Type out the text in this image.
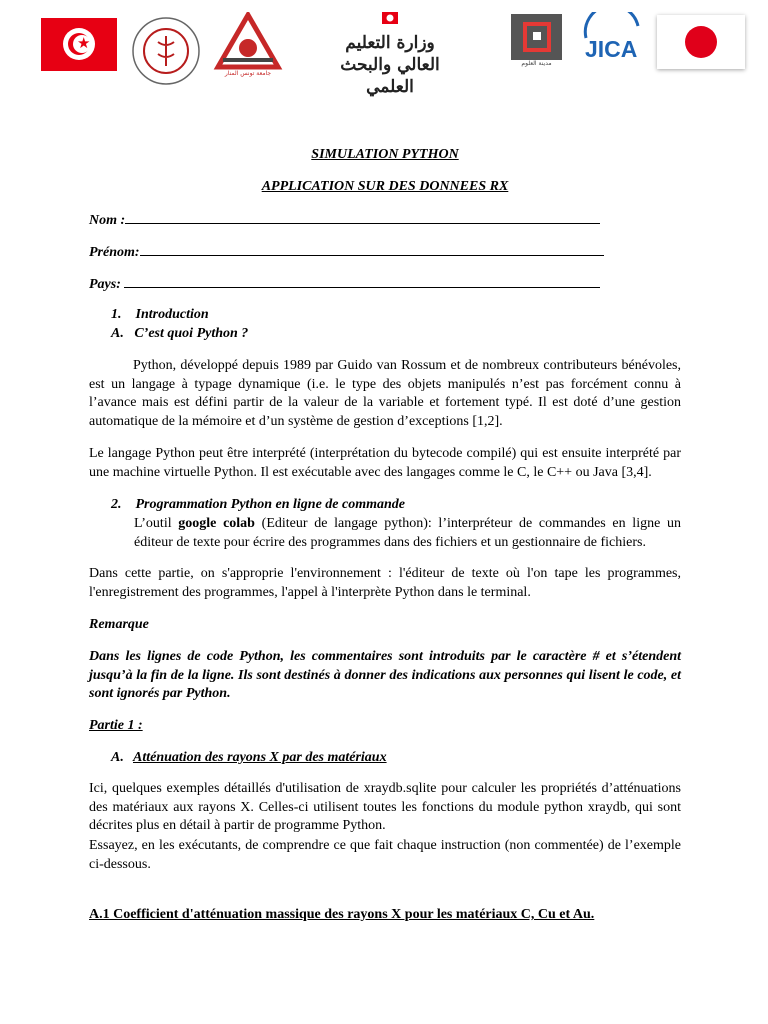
★
جامعة تونس المنار
وزارة التعليم العالي والبحث العلمي
مدينة العلوم
JICA
SIMULATION PYTHON
APPLICATION SUR DES DONNEES RX
Nom :
Prénom:
Pays:
1.    Introduction
A.   C’est quoi Python ?
Python, développé depuis 1989 par Guido van Rossum et de nombreux contributeurs bénévoles, est un langage à typage dynamique (i.e. le type des objets manipulés n’est pas forcément connu à l’avance mais est défini partir de la valeur de la variable et fortement typé. Il est doté d’une gestion automatique de la mémoire et d’un système de gestion d’exceptions [1,2].
Le langage Python peut être interprété (interprétation du bytecode compilé) qui est ensuite interprété par une machine virtuelle Python. Il est exécutable avec des langages comme le C, le C++ ou Java [3,4].
2.    Programmation Python en ligne de commande
L’outil google colab (Editeur de langage python): l’interpréteur de commandes en ligne un éditeur de texte pour écrire des programmes dans des fichiers et un gestionnaire de fichiers.
Dans cette partie, on s'approprie l'environnement : l'éditeur de texte où l'on tape les programmes, l'enregistrement des programmes, l'appel à l'interprète Python dans le terminal.
Remarque
Dans les lignes de code Python, les commentaires sont introduits par le caractère # et s’étendent jusqu’à la fin de la ligne. Ils sont destinés à donner des indications aux personnes qui lisent le code, et sont ignorés par Python.
Partie 1 :
A. Atténuation des rayons X par des matériaux
Ici, quelques exemples détaillés d'utilisation de xraydb.sqlite pour calculer les propriétés d’atténuations des matériaux aux rayons X. Celles-ci utilisent toutes les fonctions du module python xraydb, qui sont décrites plus en détail à partir de programme Python.
Essayez, en les exécutants, de comprendre ce que fait chaque instruction (non commentée) de l’exemple ci-dessous.
A.1 Coefficient d'atténuation massique des rayons X pour les matériaux C, Cu et Au.
